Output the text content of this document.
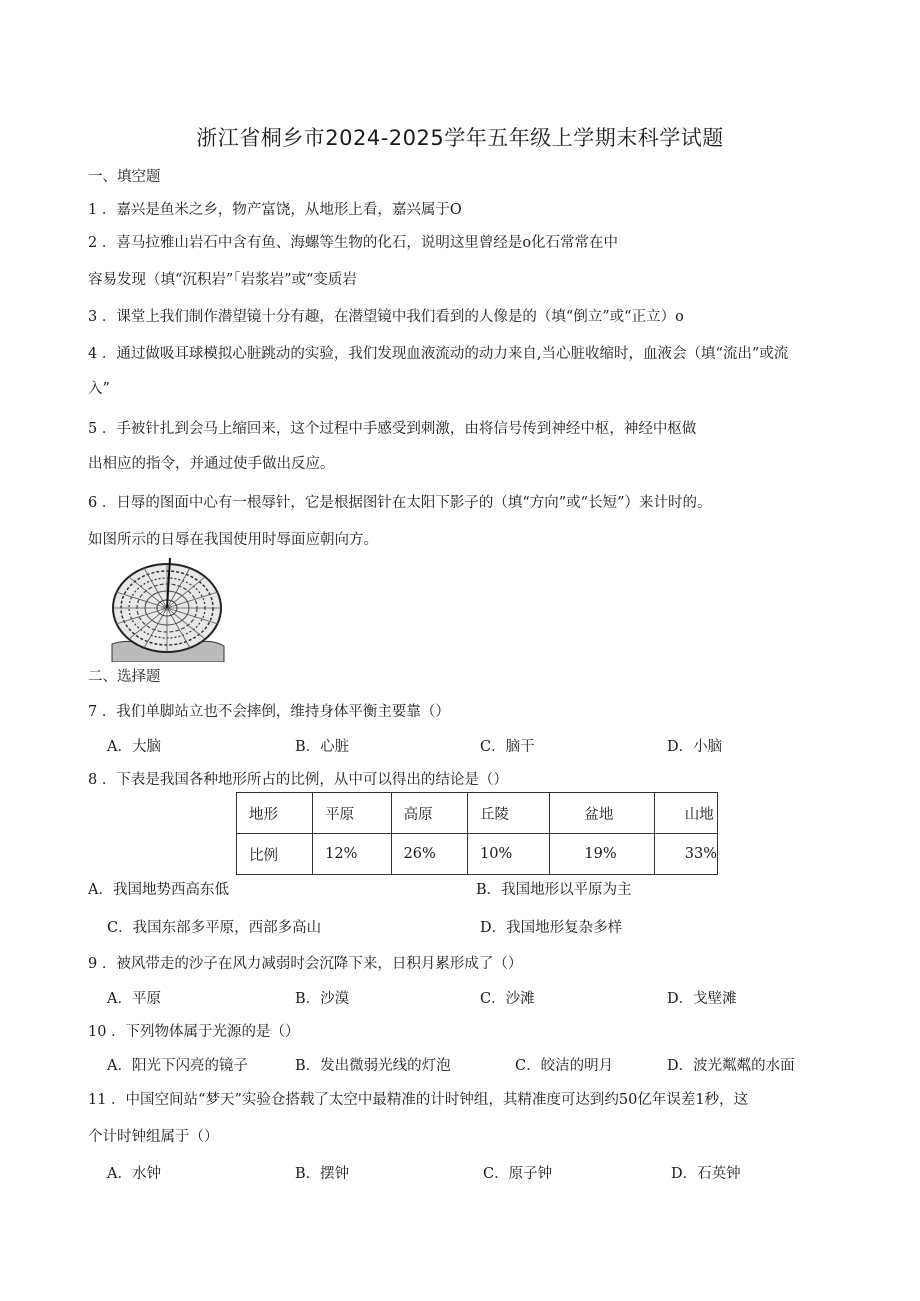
浙江省桐乡市2024-2025学年五年级上学期末科学试题
一、填空题
1 ．嘉兴是鱼米之乡，物产富饶，从地形上看，嘉兴属于O
2 ．喜马拉雅山岩石中含有鱼、海螺等生物的化石，说明这里曾经是o化石常常在中
容易发现（填“沉积岩”「岩浆岩”或“变质岩
3 ．课堂上我们制作潜望镜十分有趣，在潜望镜中我们看到的人像是的（填“倒立”或“正立）o
4 ．通过做吸耳球模拟心脏跳动的实验，我们发现血液流动的动力来自,当心脏收缩时，血液会（填“流出”或流
入”
5 ．手被针扎到会马上缩回来，这个过程中手感受到刺激，由将信号传到神经中枢，神经中枢做
出相应的指令，并通过使手做出反应。
6 ．日辱的图面中心有一根辱针，它是根据图针在太阳下影子的（填“方向”或“长短”）来计时的。
如图所示的日辱在我国使用时辱面应朝向方。
二、选择题
7 ．我们单脚站立也不会摔倒，维持身体平衡主要靠（）
A．大脑	B．心脏	C．脑干	D．小脑
8 ．下表是我国各种地形所占的比例，从中可以得出的结论是（）
地形	平原	高原	丘陵	盆地	山地
比例	12%	26%	10%	19%	33%
A．我国地势西高东低	B．我国地形以平原为主
C．我国东部多平原，西部多高山	D．我国地形复杂多样
9 ．被风带走的沙子在风力减弱时会沉降下来，日积月累形成了（）
A．平原	B．沙漠	C．沙滩	D．戈壁滩
10 ．下列物体属于光源的是（）
A．阳光下闪亮的镜子	B．发出微弱光线的灯泡	C．皎洁的明月	D．波光粼粼的水面
11 ．中国空间站“梦天”实验仓搭载了太空中最精准的计时钟组，其精准度可达到约50亿年误差1秒，这
个计时钟组属于（）
A．水钟	B．摆钟	C．原子钟	D．石英钟
